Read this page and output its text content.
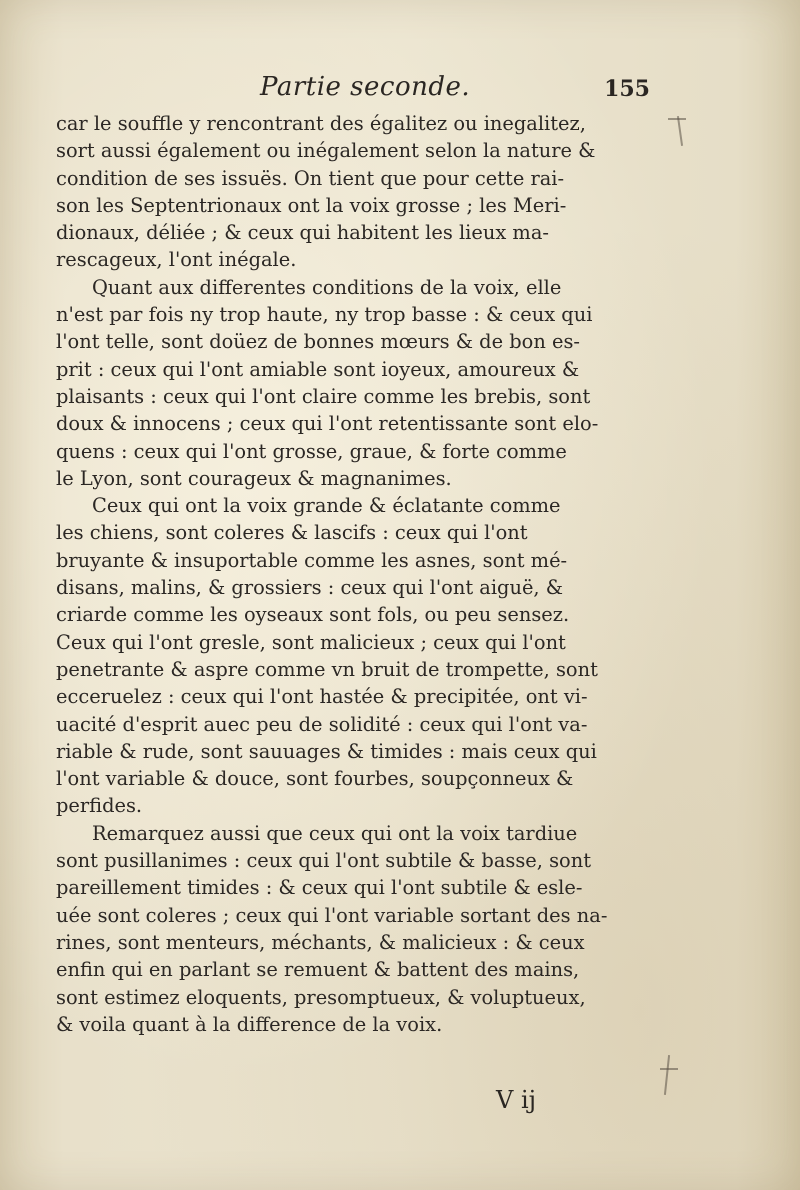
Partie seconde.	155

car le souffle y rencontrant des égalitez ou inegalitez,
sort aussi également ou inégalement selon la nature &
condition de ses issuës. On tient que pour cette rai-
son les Septentrionaux ont la voix grosse ; les Meri-
dionaux, déliée ; & ceux qui habitent les lieux ma-
rescageux, l'ont inégale.

Quant aux differentes conditions de la voix, elle
n'est par fois ny trop haute, ny trop basse : & ceux qui
l'ont telle, sont doüez de bonnes mœurs & de bon es-
prit : ceux qui l'ont amiable sont ioyeux, amoureux &
plaisants : ceux qui l'ont claire comme les brebis, sont
doux & innocens ; ceux qui l'ont retentissante sont elo-
quens : ceux qui l'ont grosse, graue, & forte comme
le Lyon, sont courageux & magnanimes.

Ceux qui ont la voix grande & éclatante comme
les chiens, sont coleres & lascifs : ceux qui l'ont
bruyante & insuportable comme les asnes, sont mé-
disans, malins, & grossiers : ceux qui l'ont aiguë, &
criarde comme les oyseaux sont fols, ou peu sensez.
Ceux qui l'ont gresle, sont malicieux ; ceux qui l'ont
penetrante & aspre comme vn bruit de trompette, sont
ecceruelez : ceux qui l'ont hastée & precipitée, ont vi-
uacité d'esprit auec peu de solidité : ceux qui l'ont va-
riable & rude, sont sauuages & timides : mais ceux qui
l'ont variable & douce, sont fourbes, soupçonneux &
perfides.

Remarquez aussi que ceux qui ont la voix tardiue
sont pusillanimes : ceux qui l'ont subtile & basse, sont
pareillement timides : & ceux qui l'ont subtile & esle-
uée sont coleres ; ceux qui l'ont variable sortant des na-
rines, sont menteurs, méchants, & malicieux : & ceux
enfin qui en parlant se remuent & battent des mains,
sont estimez eloquents, presomptueux, & voluptueux,
& voila quant à la difference de la voix.

V ij
